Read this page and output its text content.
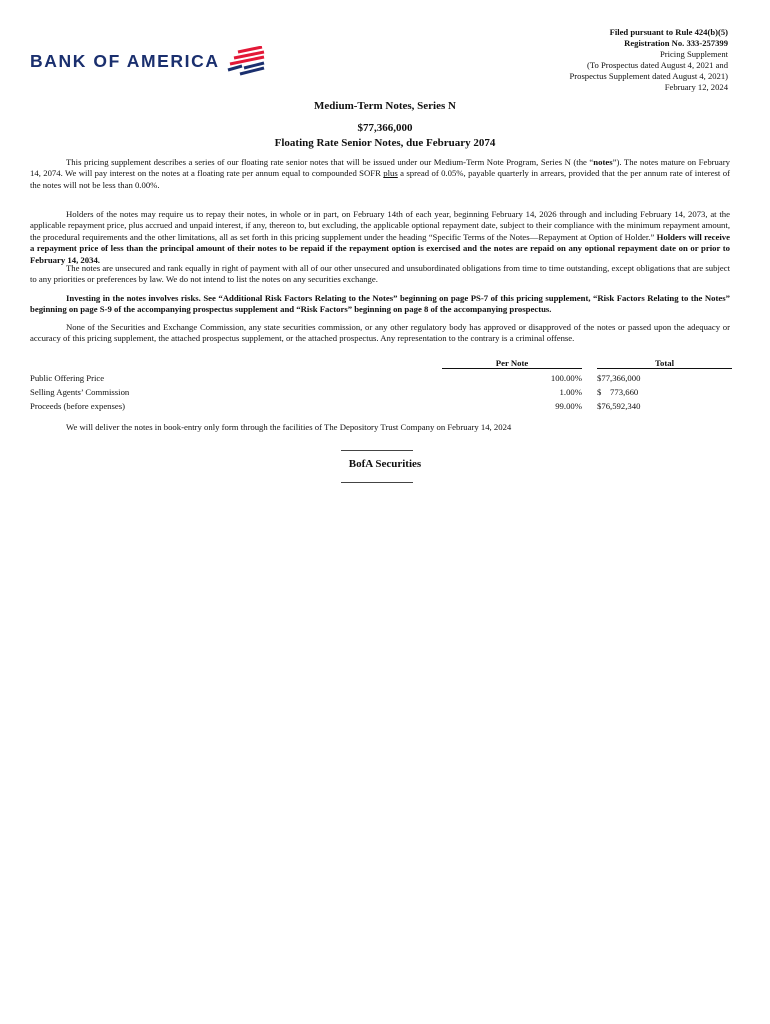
BANK OF AMERICA
Filed pursuant to Rule 424(b)(5)
Registration No. 333-257399
Pricing Supplement
(To Prospectus dated August 4, 2021 and
Prospectus Supplement dated August 4, 2021)
February 12, 2024
Medium-Term Notes, Series N
$77,366,000
Floating Rate Senior Notes, due February 2074
This pricing supplement describes a series of our floating rate senior notes that will be issued under our Medium-Term Note Program, Series N (the “notes”). The notes mature on February 14, 2074. We will pay interest on the notes at a floating rate per annum equal to compounded SOFR plus a spread of 0.05%, payable quarterly in arrears, provided that the per annum rate of interest of the notes will not be less than 0.00%.
Holders of the notes may require us to repay their notes, in whole or in part, on February 14th of each year, beginning February 14, 2026 through and including February 14, 2073, at the applicable repayment price, plus accrued and unpaid interest, if any, thereon to, but excluding, the applicable optional repayment date, subject to their compliance with the minimum repayment amount, the procedural requirements and the other limitations, all as set forth in this pricing supplement under the heading “Specific Terms of the Notes—Repayment at Option of Holder.” Holders will receive a repayment price of less than the principal amount of their notes to be repaid if the repayment option is exercised and the notes are repaid on any optional repayment date on or prior to February 14, 2034.
The notes are unsecured and rank equally in right of payment with all of our other unsecured and unsubordinated obligations from time to time outstanding, except obligations that are subject to any priorities or preferences by law. We do not intend to list the notes on any securities exchange.
Investing in the notes involves risks. See “Additional Risk Factors Relating to the Notes” beginning on page PS-7 of this pricing supplement, “Risk Factors Relating to the Notes” beginning on page S-9 of the accompanying prospectus supplement and “Risk Factors” beginning on page 8 of the accompanying prospectus.
None of the Securities and Exchange Commission, any state securities commission, or any other regulatory body has approved or disapproved of the notes or passed upon the adequacy or accuracy of this pricing supplement, the attached prospectus supplement, or the attached prospectus. Any representation to the contrary is a criminal offense.
	Per Note		Total
Public Offering Price	100.00%		$77,366,000
Selling Agents’ Commission	1.00%		$    773,660
Proceeds (before expenses)	99.00%		$76,592,340
We will deliver the notes in book-entry only form through the facilities of The Depository Trust Company on February 14, 2024
BofA Securities
